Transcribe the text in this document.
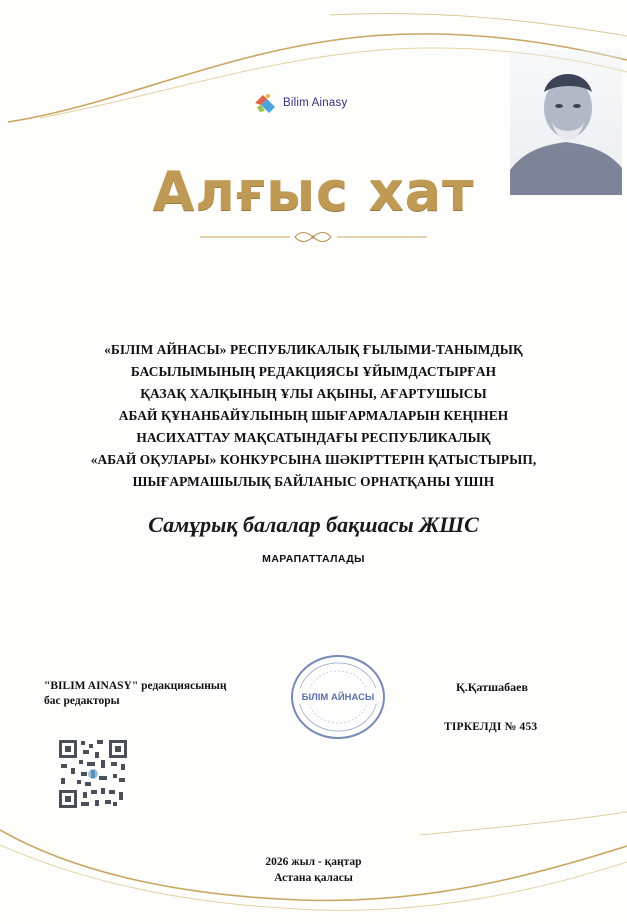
Bilim Ainasy
Алғыс хат
«БІЛІМ АЙНАСЫ» РЕСПУБЛИКАЛЫҚ ҒЫЛЫМИ-ТАНЫМДЫҚ
БАСЫЛЫМЫНЫҢ РЕДАКЦИЯСЫ ҰЙЫМДАСТЫРҒАН
ҚАЗАҚ ХАЛҚЫНЫҢ ҰЛЫ АҚЫНЫ, АҒАРТУШЫСЫ
АБАЙ ҚҰНАНБАЙҰЛЫНЫҢ ШЫҒАРМАЛАРЫН КЕҢІНЕН
НАСИХАТТАУ МАҚСАТЫНДАҒЫ РЕСПУБЛИКАЛЫҚ
«АБАЙ ОҚУЛАРЫ» КОНКУРСЫНА ШӘКІРТТЕРІН ҚАТЫСТЫРЫП,
ШЫҒАРМАШЫЛЫҚ БАЙЛАНЫС ОРНАТҚАНЫ ҮШІН
Самұрық балалар бақшасы ЖШС
МАРАПАТТАЛАДЫ
"BILIM AINASY" редакциясының
бас редакторы	БІЛІМ АЙНАСЫ
Қ.Қатшабаев
ТІРКЕЛДІ № 453
2026 жыл - қаңтар
Астана қаласы
